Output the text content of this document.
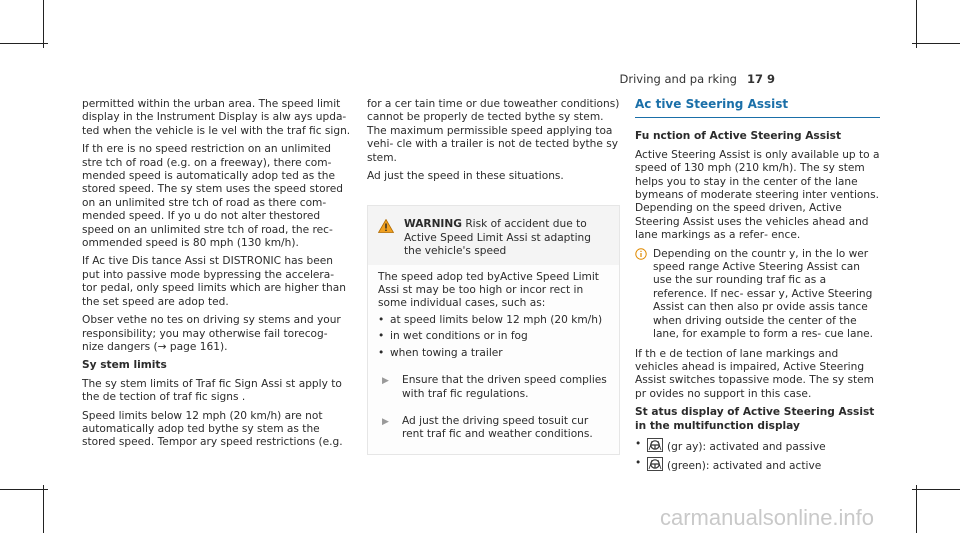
Driving and pa rking 17 9

permitted within the urban area. The speed limit display in the Instrument Display is alw ays upda‐ ted when the vehicle is le vel with the traf fic sign.

If th ere is no speed restriction on an unlimited stre tch of road (e.g. on a freeway), there com‐ mended speed is automatically adop ted as the stored speed. The sy stem uses the speed stored on an unlimited stre tch of road as there com‐ mended speed. If yo u do not alter thestored speed on an unlimited stre tch of road, the rec‐ ommended speed is 80 mph (130 km/h).

If Ac tive Dis tance Assi st DISTRONIC has been put into passive mode bypressing the accelera‐ tor pedal, only speed limits which are higher than the set speed are adop ted.

Obser vethe no tes on driving sy stems and your responsibility; you may otherwise fail torecog‐ nize dangers (→ page 161).

Sy stem limits

The sy stem limits of Traf fic Sign Assi st apply to the de tection of traf fic signs .

Speed limits below 12 mph (20 km/h) are not automatically adop ted bythe sy stem as the stored speed. Tempor ary speed restrictions (e.g.

for a cer tain time or due toweather conditions) cannot be properly de tected bythe sy stem. The maximum permissible speed applying toa vehi‐ cle with a trailer is not de tected bythe sy stem.

Ad just the speed in these situations.

WARNING Risk of accident due to Active Speed Limit Assi st adapting the vehicle's speed

The speed adop ted byActive Speed Limit Assi st may be too high or incor rect in some individual cases, such as:

• at speed limits below 12 mph (20 km/h)
• in wet conditions or in fog
• when towing a trailer
▶	Ensure that the driven speed complies with traf fic regulations.
▶	Ad just the driving speed tosuit cur rent traf fic and weather conditions.
Ac tive Steering Assist

Fu nction of Active Steering Assist

Active Steering Assist is only available up to a speed of 130 mph (210 km/h). The sy stem helps you to stay in the center of the lane bymeans of moderate steering inter ventions. Depending on the speed driven, Active Steering Assist uses the vehicles ahead and lane markings as a refer‐ ence.

Depending on the countr y, in the lo wer speed range Active Steering Assist can use the sur rounding traf fic as a reference. If nec‐ essar y, Active Steering Assist can then also pr ovide assis tance when driving outside the center of the lane, for example to form a res‐ cue lane.

If th e de tection of lane markings and vehicles ahead is impaired, Active Steering Assist switches topassive mode. The sy stem pr ovides no support in this case.

St atus display of Active Steering Assist in the multifunction display

• (gr ay): activated and passive
• (green): activated and active
carmanualsonline.info
